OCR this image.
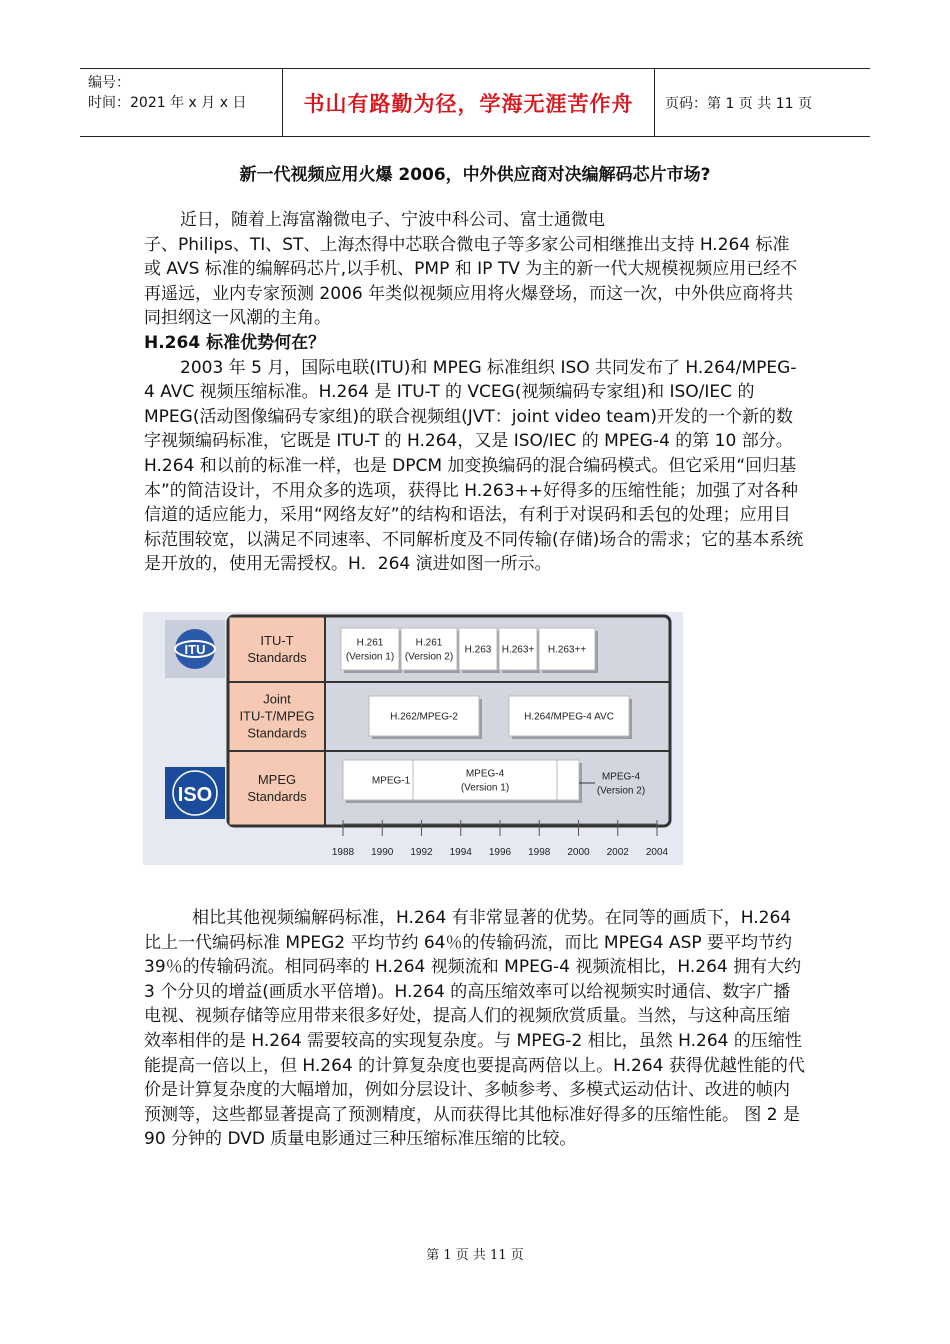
编号：
时间：2021 年 x 月 x 日	书山有路勤为径，学海无涯苦作舟	页码：第 1 页 共 11 页
新一代视频应用火爆 2006，中外供应商对决编解码芯片市场?
近日，随着上海富瀚微电子、宁波中科公司、富士通微电
子、Philips、TI、ST、上海杰得中芯联合微电子等多家公司相继推出支持 H.264 标准或 AVS 标准的编解码芯片,以手机、PMP 和 IP TV 为主的新一代大规模视频应用已经不再遥远，业内专家预测 2006 年类似视频应用将火爆登场，而这一次，中外供应商将共同担纲这一风潮的主角。
H.264 标准优势何在？
2003 年 5 月，国际电联(ITU)和 MPEG 标准组织 ISO 共同发布了 H.264/MPEG-4 AVC 视频压缩标准。H.264 是 ITU-T 的 VCEG(视频编码专家组)和 ISO/IEC 的 MPEG(活动图像编码专家组)的联合视频组(JVT：joint video team)开发的一个新的数字视频编码标准，它既是 ITU-T 的 H.264，又是 ISO/IEC 的 MPEG-4 的第 10 部分。H.264 和以前的标准一样，也是 DPCM 加变换编码的混合编码模式。但它采用“回归基本”的简洁设计，不用众多的选项，获得比 H.263++好得多的压缩性能；加强了对各种信道的适应能力，采用“网络友好”的结构和语法，有利于对误码和丢包的处理；应用目标范围较宽，以满足不同速率、不同解析度及不同传输(存储)场合的需求；它的基本系统是开放的，使用无需授权。H．264 演进如图一所示。
ITU
ISO
ITU-T
Standards
Joint
ITU-T/MPEG
Standards
MPEG
Standards
H.261
(Version 1)
H.261
(Version 2)
H.263 H.263+ H.263++
H.262/MPEG-2	H.264/MPEG-4 AVC
MPEG-1
MPEG-4
(Version 1)
MPEG-4
(Version 2)
1988 1990 1992 1994 1996 1998 2000 2002 2004
相比其他视频编解码标准，H.264 有非常显著的优势。在同等的画质下，H.264 比上一代编码标准 MPEG2 平均节约 64％的传输码流，而比 MPEG4 ASP 要平均节约 39％的传输码流。相同码率的 H.264 视频流和 MPEG-4 视频流相比，H.264 拥有大约 3 个分贝的增益(画质水平倍增)。H.264 的高压缩效率可以给视频实时通信、数字广播电视、视频存储等应用带来很多好处，提高人们的视频欣赏质量。当然，与这种高压缩效率相伴的是 H.264 需要较高的实现复杂度。与 MPEG-2 相比，虽然 H.264 的压缩性能提高一倍以上，但 H.264 的计算复杂度也要提高两倍以上。H.264 获得优越性能的代价是计算复杂度的大幅增加，例如分层设计、多帧参考、多模式运动估计、改进的帧内预测等，这些都显著提高了预测精度，从而获得比其他标准好得多的压缩性能。 图 2 是 90 分钟的 DVD 质量电影通过三种压缩标准压缩的比较。
第 1 页 共 11 页
